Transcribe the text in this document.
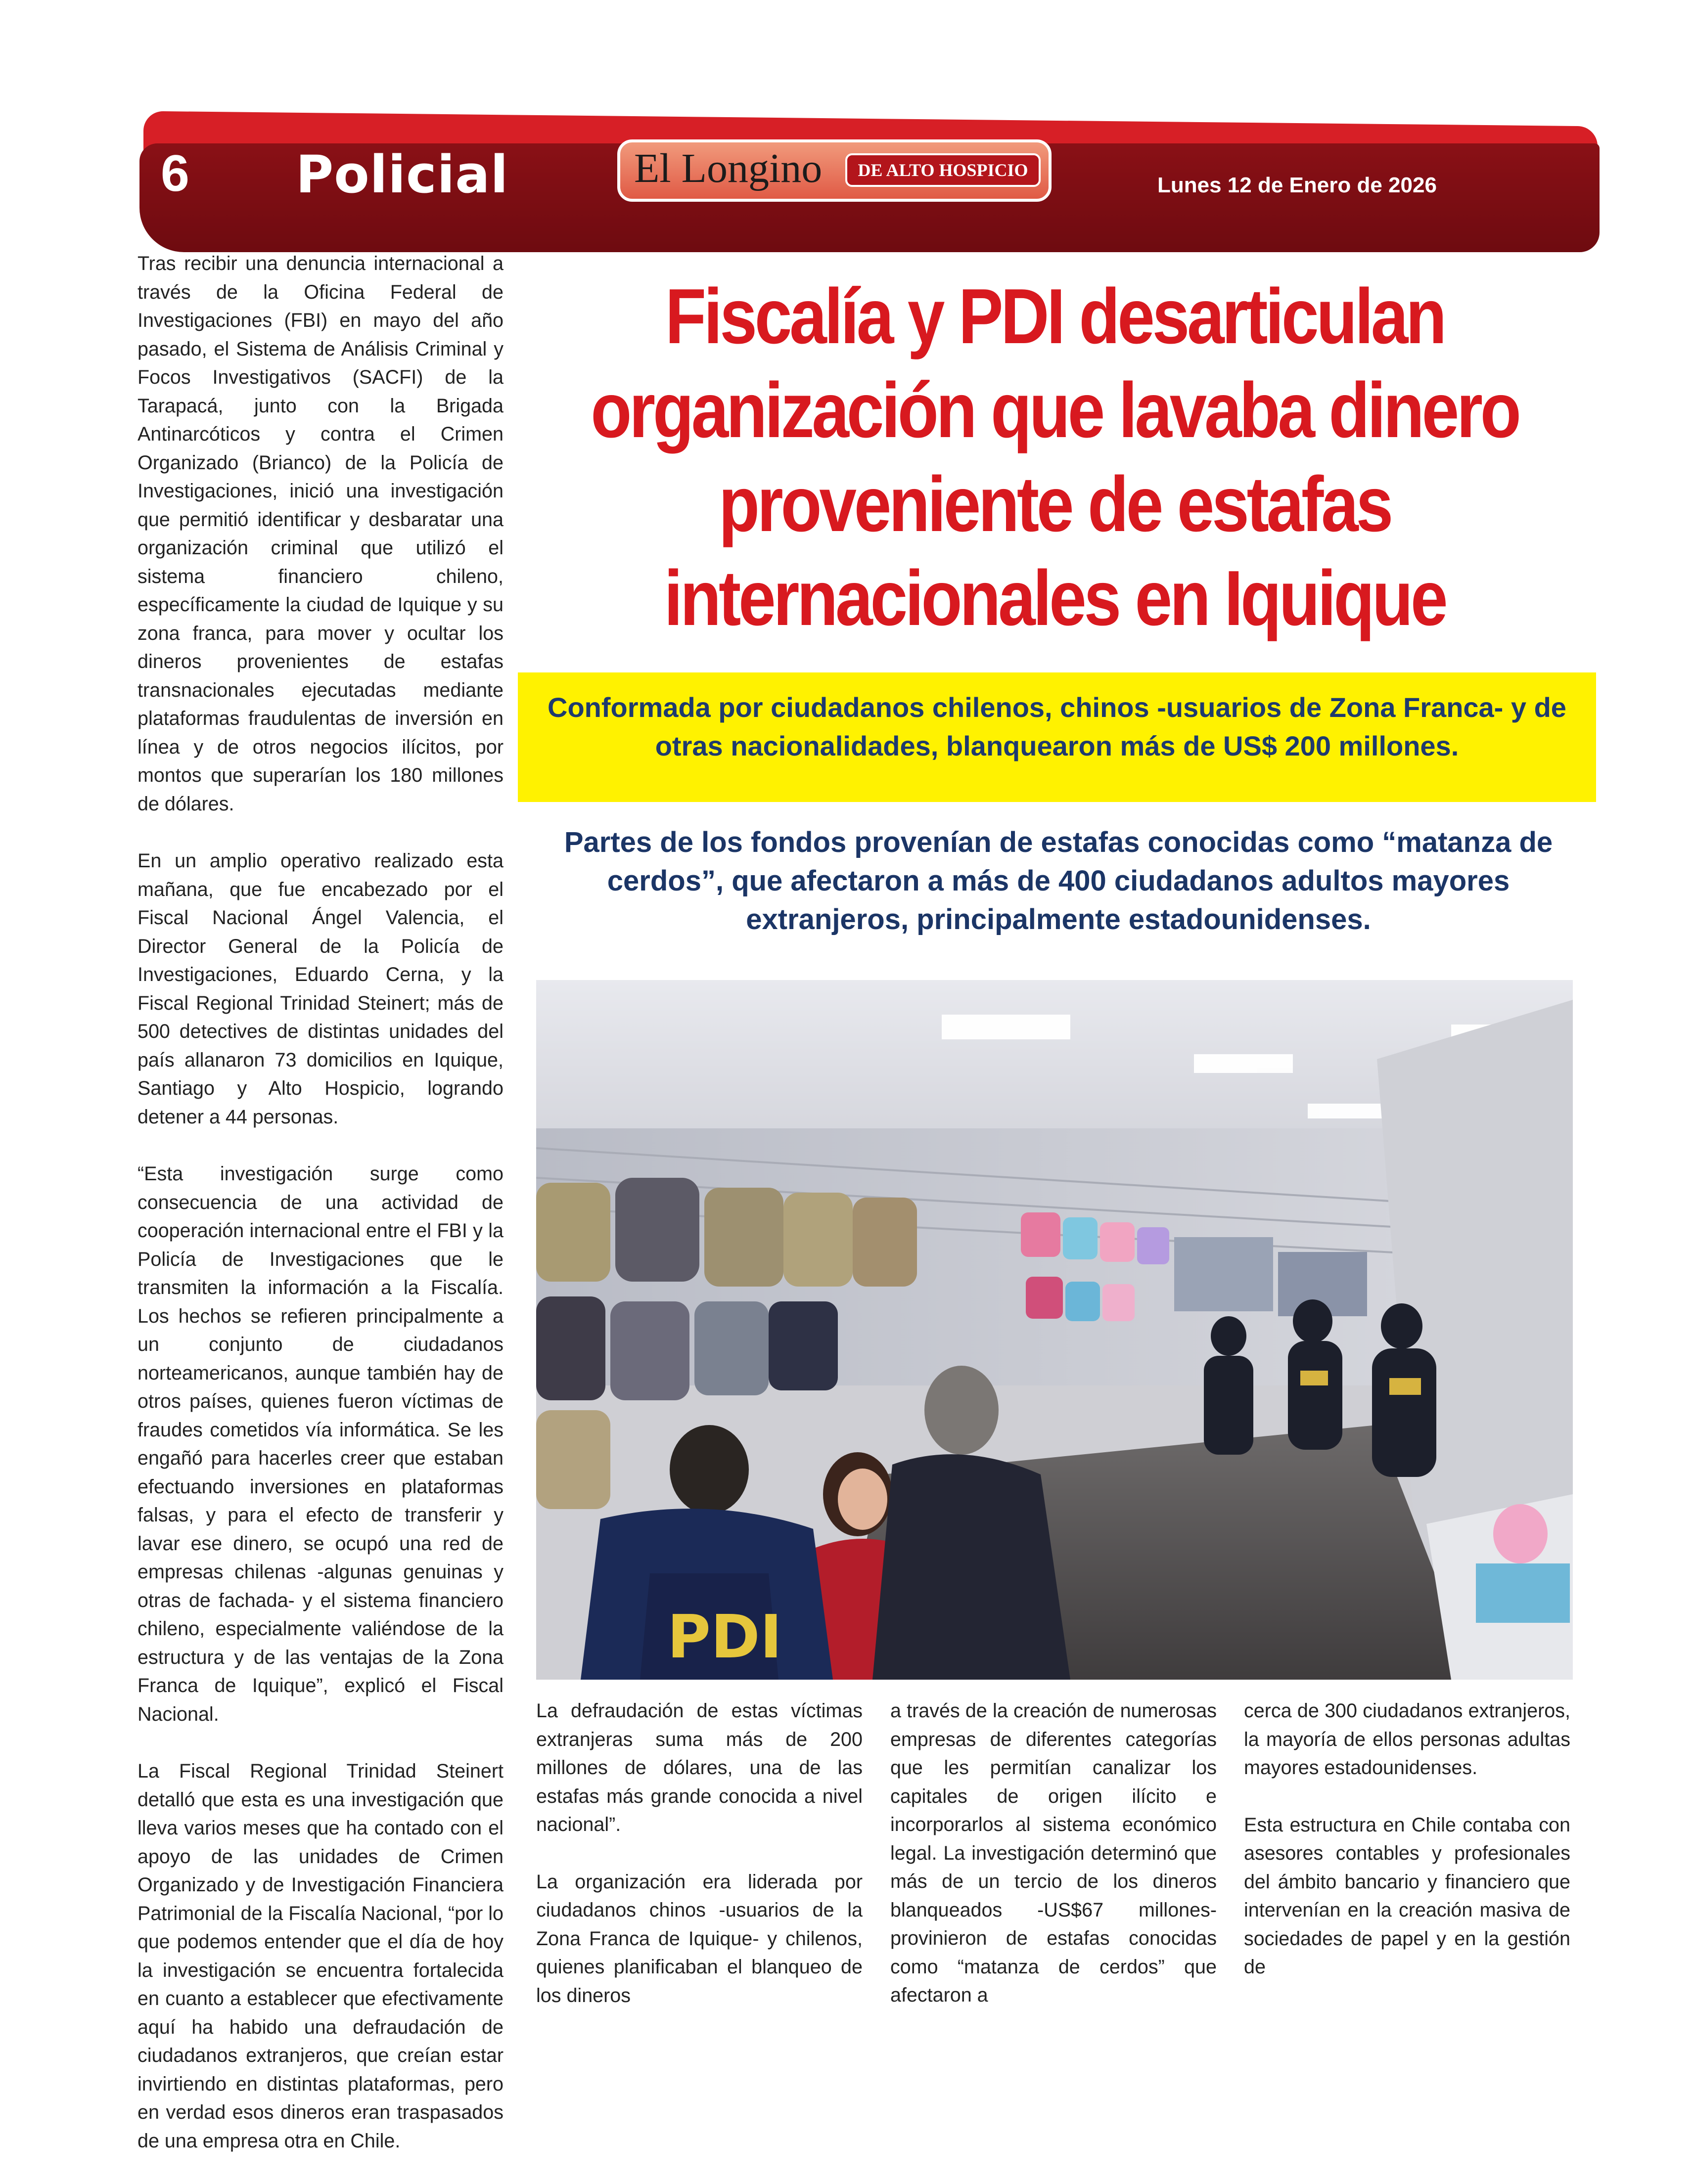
6 Policial	El Longino	DE ALTO HOSPICIO
Lunes 12 de Enero de 2026

Tras recibir una denuncia internacional a través de la Oficina Federal de Investigaciones (FBI) en mayo del año pasado, el Sistema de Análisis Criminal y Focos Investigativos (SACFI) de la Tarapacá, junto con la Brigada Antinarcóticos y contra el Crimen Organizado (Brianco) de la Policía de Investigaciones, inició una investigación que permitió identificar y desbaratar una organización criminal que utilizó el sistema financiero chileno, específicamente la ciudad de Iquique y su zona franca, para mover y ocultar los dineros provenientes de estafas transnacionales ejecutadas mediante plataformas fraudulentas de inversión en línea y de otros negocios ilícitos, por montos que superarían los 180 millones de dólares.

En un amplio operativo realizado esta mañana, que fue encabezado por el Fiscal Nacional Ángel Valencia, el Director General de la Policía de Investigaciones, Eduardo Cerna, y la Fiscal Regional Trinidad Steinert; más de 500 detectives de distintas unidades del país allanaron 73 domicilios en Iquique, Santiago y Alto Hospicio, logrando detener a 44 personas.

“Esta investigación surge como consecuencia de una actividad de cooperación internacional entre el FBI y la Policía de Investigaciones que le transmiten la información a la Fiscalía. Los hechos se refieren principalmente a un conjunto de ciudadanos norteamericanos, aunque también hay de otros países, quienes fueron víctimas de fraudes cometidos vía informática. Se les engañó para hacerles creer que estaban efectuando inversiones en plataformas falsas, y para el efecto de transferir y lavar ese dinero, se ocupó una red de empresas chilenas -algunas genuinas y otras de fachada- y el sistema financiero chileno, especialmente valiéndose de la estructura y de las ventajas de la Zona Franca de Iquique”, explicó el Fiscal Nacional.

La Fiscal Regional Trinidad Steinert detalló que esta es una investigación que lleva varios meses que ha contado con el apoyo de las unidades de Crimen Organizado y de Investigación Financiera Patrimonial de la Fiscalía Nacional, “por lo que podemos entender que el día de hoy la investigación se encuentra fortalecida en cuanto a establecer que efectivamente aquí ha habido una defraudación de ciudadanos extranjeros, que creían estar invirtiendo en distintas plataformas, pero en verdad esos dineros eran traspasados de una empresa otra en Chile.

Fiscalía y PDI desarticulan organización que lavaba dinero proveniente de estafas internacionales en Iquique
Conformada por ciudadanos chilenos, chinos -usuarios de Zona Franca- y de otras nacionalidades, blanquearon más de US$ 200 millones.
Partes de los fondos provenían de estafas conocidas como “matanza de cerdos”, que afectaron a más de 400 ciudadanos adultos mayores extranjeros, principalmente estadounidenses.
PDI

La defraudación de estas víctimas extranjeras suma más de 200 millones de dólares, una de las estafas más grande conocida a nivel nacional”.

La organización era liderada por ciudadanos chinos -usuarios de la Zona Franca de Iquique- y chilenos, quienes planificaban el blanqueo de los dineros

a través de la creación de numerosas empresas de diferentes categorías que les permitían canalizar los capitales de origen ilícito e incorporarlos al sistema económico legal. La investigación determinó que más de un tercio de los dineros blanqueados -US$67 millones- provinieron de estafas conocidas como “matanza de cerdos” que afectaron a

cerca de 300 ciudadanos extranjeros, la mayoría de ellos personas adultas mayores estadounidenses.

Esta estructura en Chile contaba con asesores contables y profesionales del ámbito bancario y financiero que intervenían en la creación masiva de sociedades de papel y en la gestión de
